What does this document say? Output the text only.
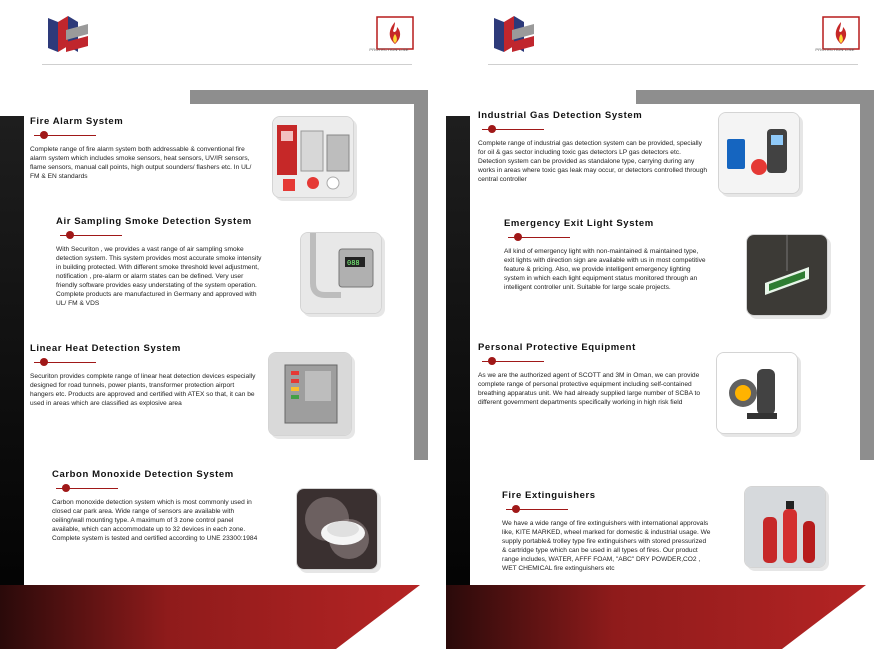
PROTECTION LINE
Fire Alarm System

Complete range of fire alarm system both addressable & conventional fire alarm system which includes smoke sensors, heat sensors, UV/IR sensors, flame sensors, manual call points, high output sounders/ flashers etc. In UL/ FM & EN standards

Air Sampling Smoke Detection System

With Securiton , we provides a vast range of air sampling smoke detection system. This system provides most accurate smoke intensity in building protected. With different smoke threshold level adjustment, notification , pre-alarm or alarm states can be defined. Very user friendly software provides easy understating of the system operation. Complete products are manufactured in Germany and approved with UL/ FM & VDS

088
Linear Heat Detection System

Securiton provides complete range of linear heat detection devices especially designed for road tunnels, power plants, transformer protection airport hangers etc. Products are approved and certified with ATEX so that, it can be used in areas which are classified as explosive area

Carbon Monoxide Detection System

Carbon monoxide detection system which is most commonly used in closed car park area. Wide range of sensors are available with ceiling/wall mounting type. A maximum of 3 zone control panel available, which can accommodate up to 32 devices in each zone. Complete system is tested and certified according to UNE 23300:1984

PROTECTION LINE
Industrial Gas Detection System

Complete range of industrial gas detection system can be provided, specially for oil & gas sector including toxic gas detectors LP gas detectors etc. Detection system can be provided as standalone type, carrying during any works in areas where toxic gas leak may occur, or detectors controlled through central controller

Emergency Exit Light System

All kind of emergency light with non-maintained & maintained type, exit lights with direction sign are available with us in most competitive feature & pricing. Also, we provide intelligent emergency lighting system in which each light equipment status monitored through an intelligent controller unit. Suitable for large scale projects.

Personal Protective Equipment

As we are the authorized agent of SCOTT and 3M in Oman, we can provide complete range of personal protective equipment including self-contained breathing apparatus unit. We had already supplied large number of SCBA to different government departments specifically working in high risk field

Fire Extinguishers

We have a wide range of fire extinguishers with international approvals like, KITE MARKED, wheel marked for domestic & industrial usage. We supply portable& trolley type fire extinguishers with stored pressurized & cartridge type which can be used in all types of fires. Our product range includes, WATER, AFFF FOAM, "ABC" DRY POWDER,CO2 , WET CHEMICAL fire extinguishers etc
